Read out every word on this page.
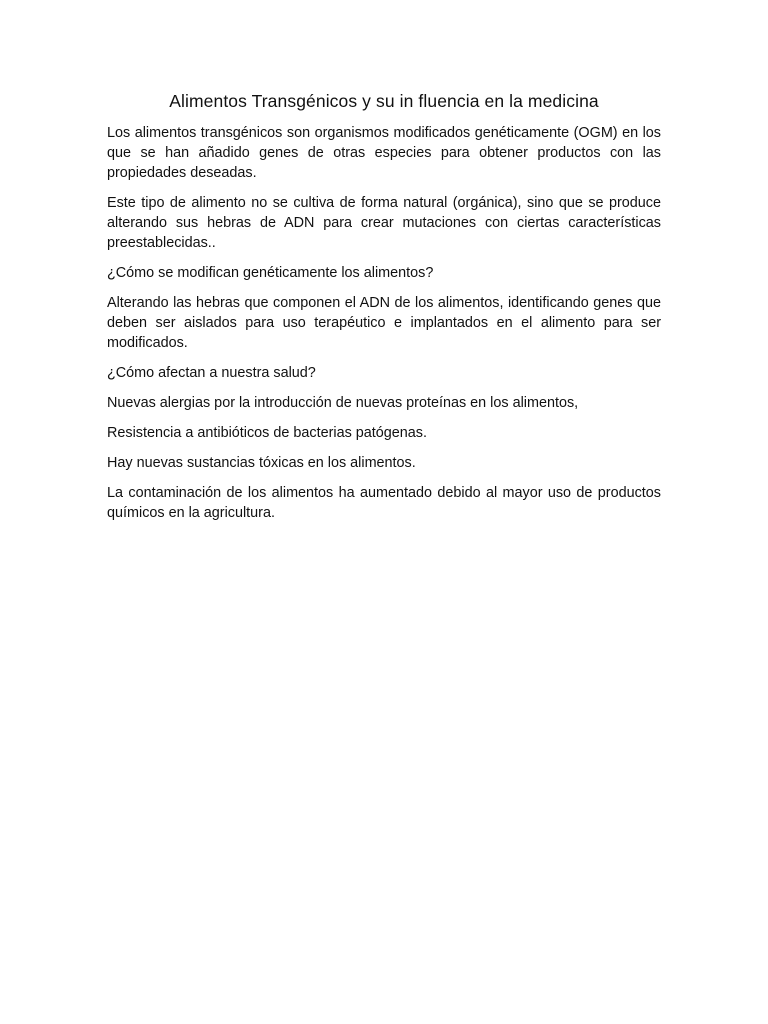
Alimentos Transgénicos y su in fluencia en la medicina

Los alimentos transgénicos son organismos modificados genéticamente (OGM) en los que se han añadido genes de otras especies para obtener productos con las propiedades deseadas.

Este tipo de alimento no se cultiva de forma natural (orgánica), sino que se produce alterando sus hebras de ADN para crear mutaciones con ciertas características preestablecidas..

¿Cómo se modifican genéticamente los alimentos?

Alterando las hebras que componen el ADN de los alimentos, identificando genes que deben ser aislados para uso terapéutico e implantados en el alimento para ser modificados.

¿Cómo afectan a nuestra salud?

Nuevas alergias por la introducción de nuevas proteínas en los alimentos,

Resistencia a antibióticos de bacterias patógenas.

Hay nuevas sustancias tóxicas en los alimentos.

La contaminación de los alimentos ha aumentado debido al mayor uso de productos químicos en la agricultura.
